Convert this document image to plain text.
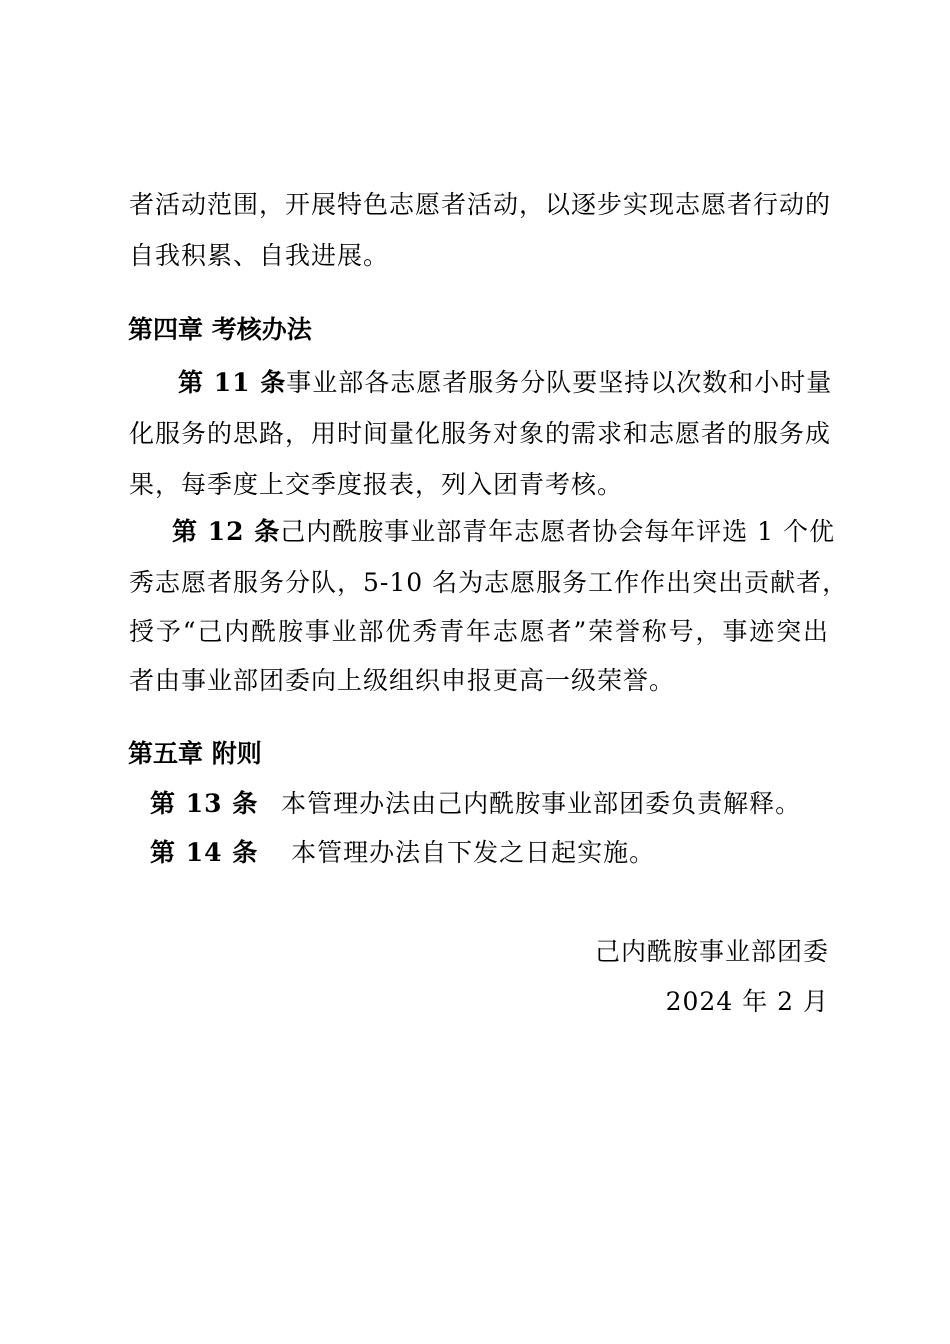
者活动范围，开展特色志愿者活动，以逐步实现志愿者行动的
自我积累、自我进展。
第四章 考核办法
第 11 条 事业部各志愿者服务分队要坚持以次数和小时量
化服务的思路，用时间量化服务对象的需求和志愿者的服务成
果，每季度上交季度报表，列入团青考核。
第 12 条 己内酰胺事业部青年志愿者协会每年评选 1 个优
秀志愿者服务分队，5-10 名为志愿服务工作作出突出贡献者，
授予“己内酰胺事业部优秀青年志愿者”荣誉称号，事迹突出
者由事业部团委向上级组织申报更高一级荣誉。
第五章 附则
第 13 条 本管理办法由己内酰胺事业部团委负责解释。
第 14 条 本管理办法自下发之日起实施。
己内酰胺事业部团委
2024 年 2 月
